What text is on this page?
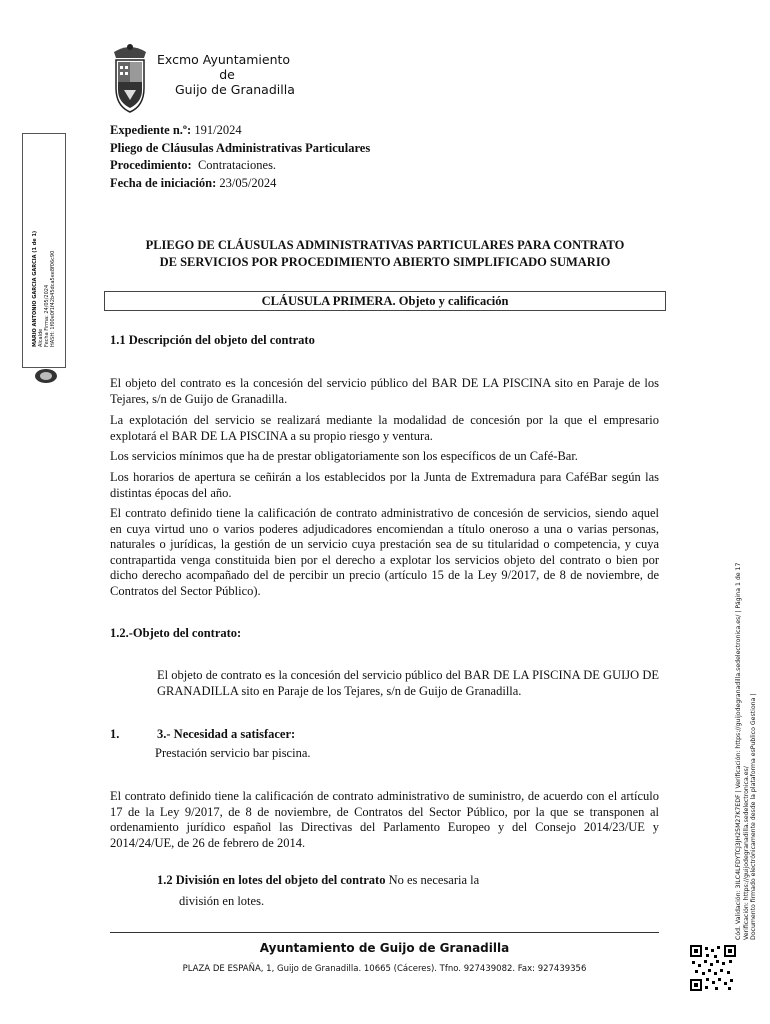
Excmo Ayuntamiento
de
Guijo de Granadilla
Expediente n.º: 191/2024
Pliego de Cláusulas Administrativas Particulares
Procedimiento: Contrataciones.
Fecha de iniciación: 23/05/2024
PLIEGO DE CLÁUSULAS ADMINISTRATIVAS PARTICULARES PARA CONTRATO
DE SERVICIOS POR PROCEDIMIENTO ABIERTO SIMPLIFICADO SUMARIO
CLÁUSULA PRIMERA. Objeto y calificación
1.1 Descripción del objeto del contrato
El objeto del contrato es la concesión del servicio público del BAR DE LA PISCINA sito en Paraje de los Tejares, s/n de Guijo de Granadilla.
La explotación del servicio se realizará mediante la modalidad de concesión por la que el empresario explotará el BAR DE LA PISCINA a su propio riesgo y ventura.
Los servicios mínimos que ha de prestar obligatoriamente son los específicos de un Café-Bar.
Los horarios de apertura se ceñirán a los establecidos por la Junta de Extremadura para CaféBar según las distintas épocas del año.
El contrato definido tiene la calificación de contrato administrativo de concesión de servicios, siendo aquel en cuya virtud uno o varios poderes adjudicadores encomiendan a título oneroso a una o varias personas, naturales o jurídicas, la gestión de un servicio cuya prestación sea de su titularidad o competencia, y cuya contrapartida venga constituida bien por el derecho a explotar los servicios objeto del contrato o bien por dicho derecho acompañado del de percibir un precio (artículo 15 de la Ley 9/2017, de 8 de noviembre, de Contratos del Sector Público).
1.2.-Objeto del contrato:
El objeto de contrato es la concesión del servicio público del BAR DE LA PISCINA DE GUIJO DE GRANADILLA sito en Paraje de los Tejares, s/n de Guijo de Granadilla.
1.	3.- Necesidad a satisfacer:
Prestación servicio bar piscina.
El contrato definido tiene la calificación de contrato administrativo de suministro, de acuerdo con el artículo 17 de la Ley 9/2017, de 8 de noviembre, de Contratos del Sector Público, por la que se transponen al ordenamiento jurídico español las Directivas del Parlamento Europeo y del Consejo 2014/23/UE y 2014/24/UE, de 26 de febrero de 2014.
1.2 División en lotes del objeto del contrato No es necesaria la
división en lotes.
Ayuntamiento de Guijo de Granadilla
PLAZA DE ESPAÑA, 1, Guijo de Granadilla. 10665 (Cáceres). Tfno. 927439082. Fax: 927439356
MARIO ANTONIO GARCIA GARCIA (1 de 1) Alcalde Fecha Firma: 24/05/2024 HASH: 1f00e0f1f42b45dca5ee8f06c90
Cód. Validación: 3ILC4LFDYTCJ3JH25M27K7EDF | Verificación: https://guijodegranadilla.sedelectronica.es/ | Página 1 de 17 Verificación: https://guijodegranadilla.sedelectronica.es/ Documento firmado electrónicamente desde la plataforma esPublico Gestiona |
